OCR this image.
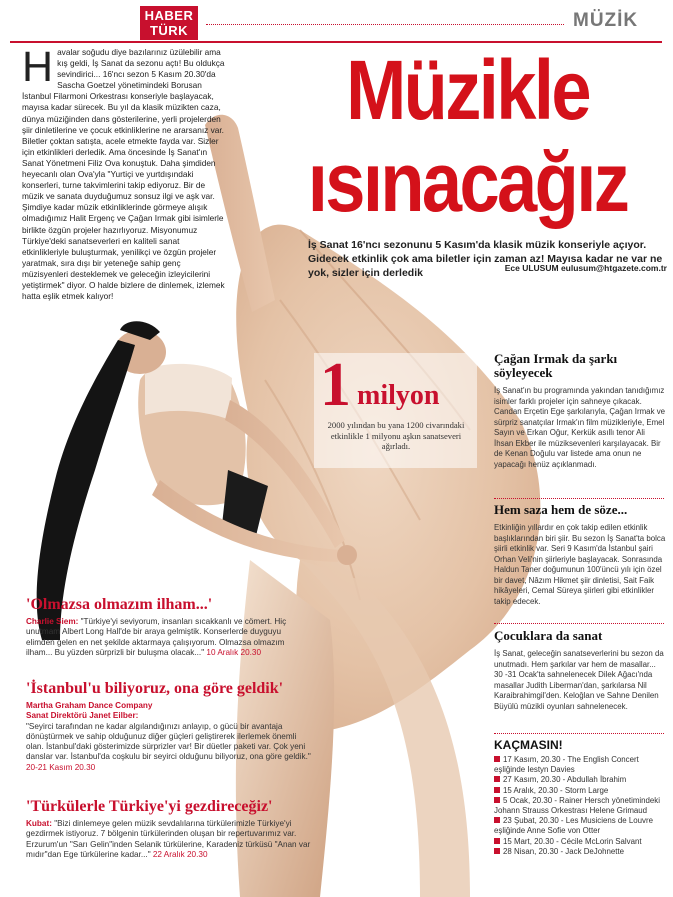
HABER
TÜRK	MÜZİK
Müzikle
ısınacağız
İş Sanat 16'ncı sezonunu 5 Kasım'da klasik müzik konseriyle açıyor. Gidecek etkinlik çok ama biletler için zaman az! Mayısa kadar ne var ne yok, sizler için derledik	Ece ULUSUM eulusum@htgazete.com.tr
Havalar soğudu diye bazılarınız üzülebilir ama kış geldi, İş Sanat da sezonu açtı! Bu oldukça sevindirici... 16'ncı sezon 5 Kasım 20.30'da Sascha Goetzel yönetimindeki Borusan İstanbul Filarmoni Orkestrası konseriyle başlayacak, mayısa kadar sürecek. Bu yıl da klasik müzikten caza, dünya müziğinden dans gösterilerine, yerli projelerden şiir dinletilerine ve çocuk etkinliklerine ne ararsanız var. Biletler çoktan satışta, acele etmekte fayda var. Sizler için etkinlikleri derledik. Ama öncesinde İş Sanat'ın Sanat Yönetmeni Filiz Ova konuştuk. Daha şimdiden heyecanlı olan Ova'yla "Yurtiçi ve yurtdışındaki konserleri, turne takvimlerini takip ediyoruz. Bir de müzik ve sanata duyduğumuz sonsuz ilgi ve aşk var. Şimdiye kadar müzik etkinliklerinde görmeye alışık olmadığımız Halit Ergenç ve Çağan Irmak gibi isimlerle birlikte özgün projeler hazırlıyoruz. Misyonumuz Türkiye'deki sanatseverleri en kaliteli sanat etkinlikleriyle buluşturmak, yenilikçi ve özgün projeler yaratmak, sıra dışı bir yeteneğe sahip genç müzisyenleri desteklemek ve geleceğin izleyicilerini yetiştirmek" diyor. O halde bizlere de dinlemek, izlemek hatta eşlik etmek kalıyor!
1 milyon
2000 yılından bu yana 1200 civarındaki etkinlikle 1 milyonu aşkın sanatseveri ağırladı.
Çağan Irmak da şarkı söyleyecek
İş Sanat'ın bu programında yakından tanıdığımız isimler farklı projeler için sahneye çıkacak. Candan Erçetin Ege şarkılarıyla, Çağan Irmak ve sürpriz sanatçılar Irmak'ın film müzikleriyle, Emel Sayın ve Erkan Oğur, Kerkük asıllı tenor Ali İhsan Ekber ile müziksevenleri karşılayacak. Bir de Kenan Doğulu var listede ama onun ne yapacağı henüz açıklanmadı.
Hem saza hem de söze...
Etkinliğin yıllardır en çok takip edilen etkinlik başlıklarından biri şiir. Bu sezon İş Sanat'ta bolca şiirli etkinlik var. Seri 9 Kasım'da İstanbul şairi Orhan Veli'nin şiirleriyle başlayacak. Sonrasında Haldun Taner doğumunun 100'üncü yılı için özel bir davet, Nâzım Hikmet şiir dinletisi, Sait Faik hikâyeleri, Cemal Süreya şiirleri gibi etkinlikler takip edecek.
Çocuklara da sanat
İş Sanat, geleceğin sanatseverlerini bu sezon da unutmadı. Hem şarkılar var hem de masallar... 30 -31 Ocak'ta sahnelenecek Dilek Ağacı'nda masallar Judith Liberman'dan, şarkılarsa Nil Karaibrahimgil'den. Keloğlan ve Sahne Denilen Büyülü müzikli oyunları sahnelenecek.
KAÇMASIN!
17 Kasım, 20.30 - The English Concert eşliğinde Iestyn Davies
27 Kasım, 20.30 - Abdullah İbrahim
15 Aralık, 20.30 - Storm Large
5 Ocak, 20.30 - Rainer Hersch yönetimindeki Johann Strauss Orkestrası Helene Grimaud
23 Şubat, 20.30 - Les Musiciens de Louvre eşliğinde Anne Sofie von Otter
15 Mart, 20.30 - Cécile McLorin Salvant
28 Nisan, 20.30 - Jack DeJohnette
'Olmazsa olmazım ilham...'
Charlie Siem: "Türkiye'yi seviyorum, insanları sıcakkanlı ve cömert. Hiç unutmam Albert Long Hall'de bir araya gelmiştik. Konserlerde duyguyu elimden gelen en net şekilde aktarmaya çalışıyorum. Olmazsa olmazım ilham... Bu yüzden sürprizli bir buluşma olacak..." 10 Aralık 20.30
'İstanbul'u biliyoruz, ona göre geldik'
Martha Graham Dance Company
Sanat Direktörü Janet Eilber:
"Seyirci tarafından ne kadar algılandığınızı anlayıp, o gücü bir avantaja dönüştürmek ve sahip olduğunuz diğer güçleri geliştirerek ilerlemek önemli olan. İstanbul'daki gösterimizde sürprizler var! Bir düetler paketi var. Çok yeni danslar var. İstanbul'da coşkulu bir seyirci olduğunu biliyoruz, ona göre geldik." 20-21 Kasım 20.30
'Türkülerle Türkiye'yi gezdireceğiz'
Kubat: "Bizi dinlemeye gelen müzik sevdalılarına türkülerimizle Türkiye'yi gezdirmek istiyoruz. 7 bölgenin türkülerinden oluşan bir repertuvarımız var. Erzurum'un "Sarı Gelin"inden Selanik türkülerine, Karadeniz türküsü "Anan var mıdır"dan Ege türkülerine kadar..." 22 Aralık 20.30
